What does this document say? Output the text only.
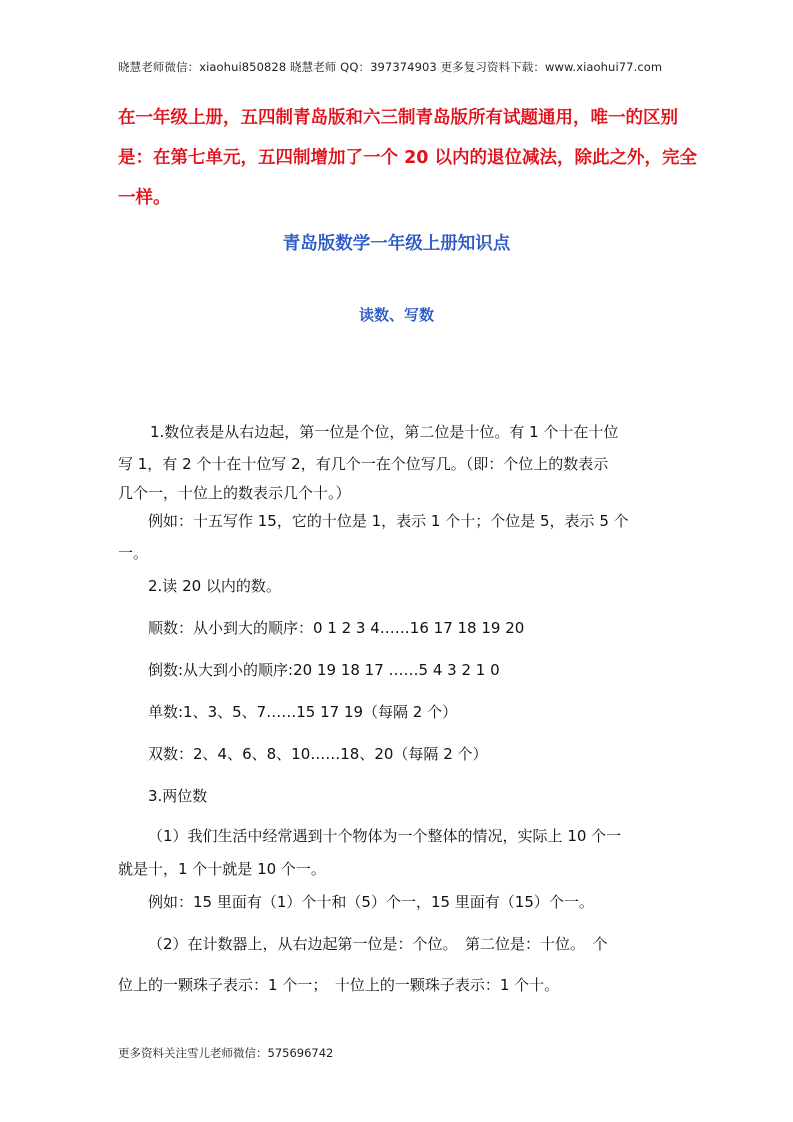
晓慧老师微信：xiaohui850828 晓慧老师 QQ：397374903 更多复习资料下载：www.xiaohui77.com
在一年级上册，五四制青岛版和六三制青岛版所有试题通用，唯一的区别
是：在第七单元，五四制增加了一个 20 以内的退位减法，除此之外，完全
一样。
青岛版数学一年级上册知识点
读数、写数
1.数位表是从右边起，第一位是个位，第二位是十位。有 1 个十在十位
写 1，有 2 个十在十位写 2，有几个一在个位写几。（即：个位上的数表示
几个一，十位上的数表示几个十。）
例如：十五写作 15，它的十位是 1，表示 1 个十；个位是 5，表示 5 个
一。
2.读 20 以内的数。
顺数：从小到大的顺序：0 1 2 3 4……16 17 18 19 20
倒数:从大到小的顺序:20 19 18 17 ……5 4 3 2 1 0
单数:1、3、5、7……15 17 19（每隔 2 个）
双数：2、4、6、8、10……18、20（每隔 2 个）
3.两位数
（1）我们生活中经常遇到十个物体为一个整体的情况，实际上 10 个一
就是十，1 个十就是 10 个一。
例如：15 里面有（1）个十和（5）个一，15 里面有（15）个一。
（2）在计数器上，从右边起第一位是：个位。　第二位是：十位。　个
位上的一颗珠子表示：1 个一；　十位上的一颗珠子表示：1 个十。
更多资料关注雪儿老师微信：575696742
